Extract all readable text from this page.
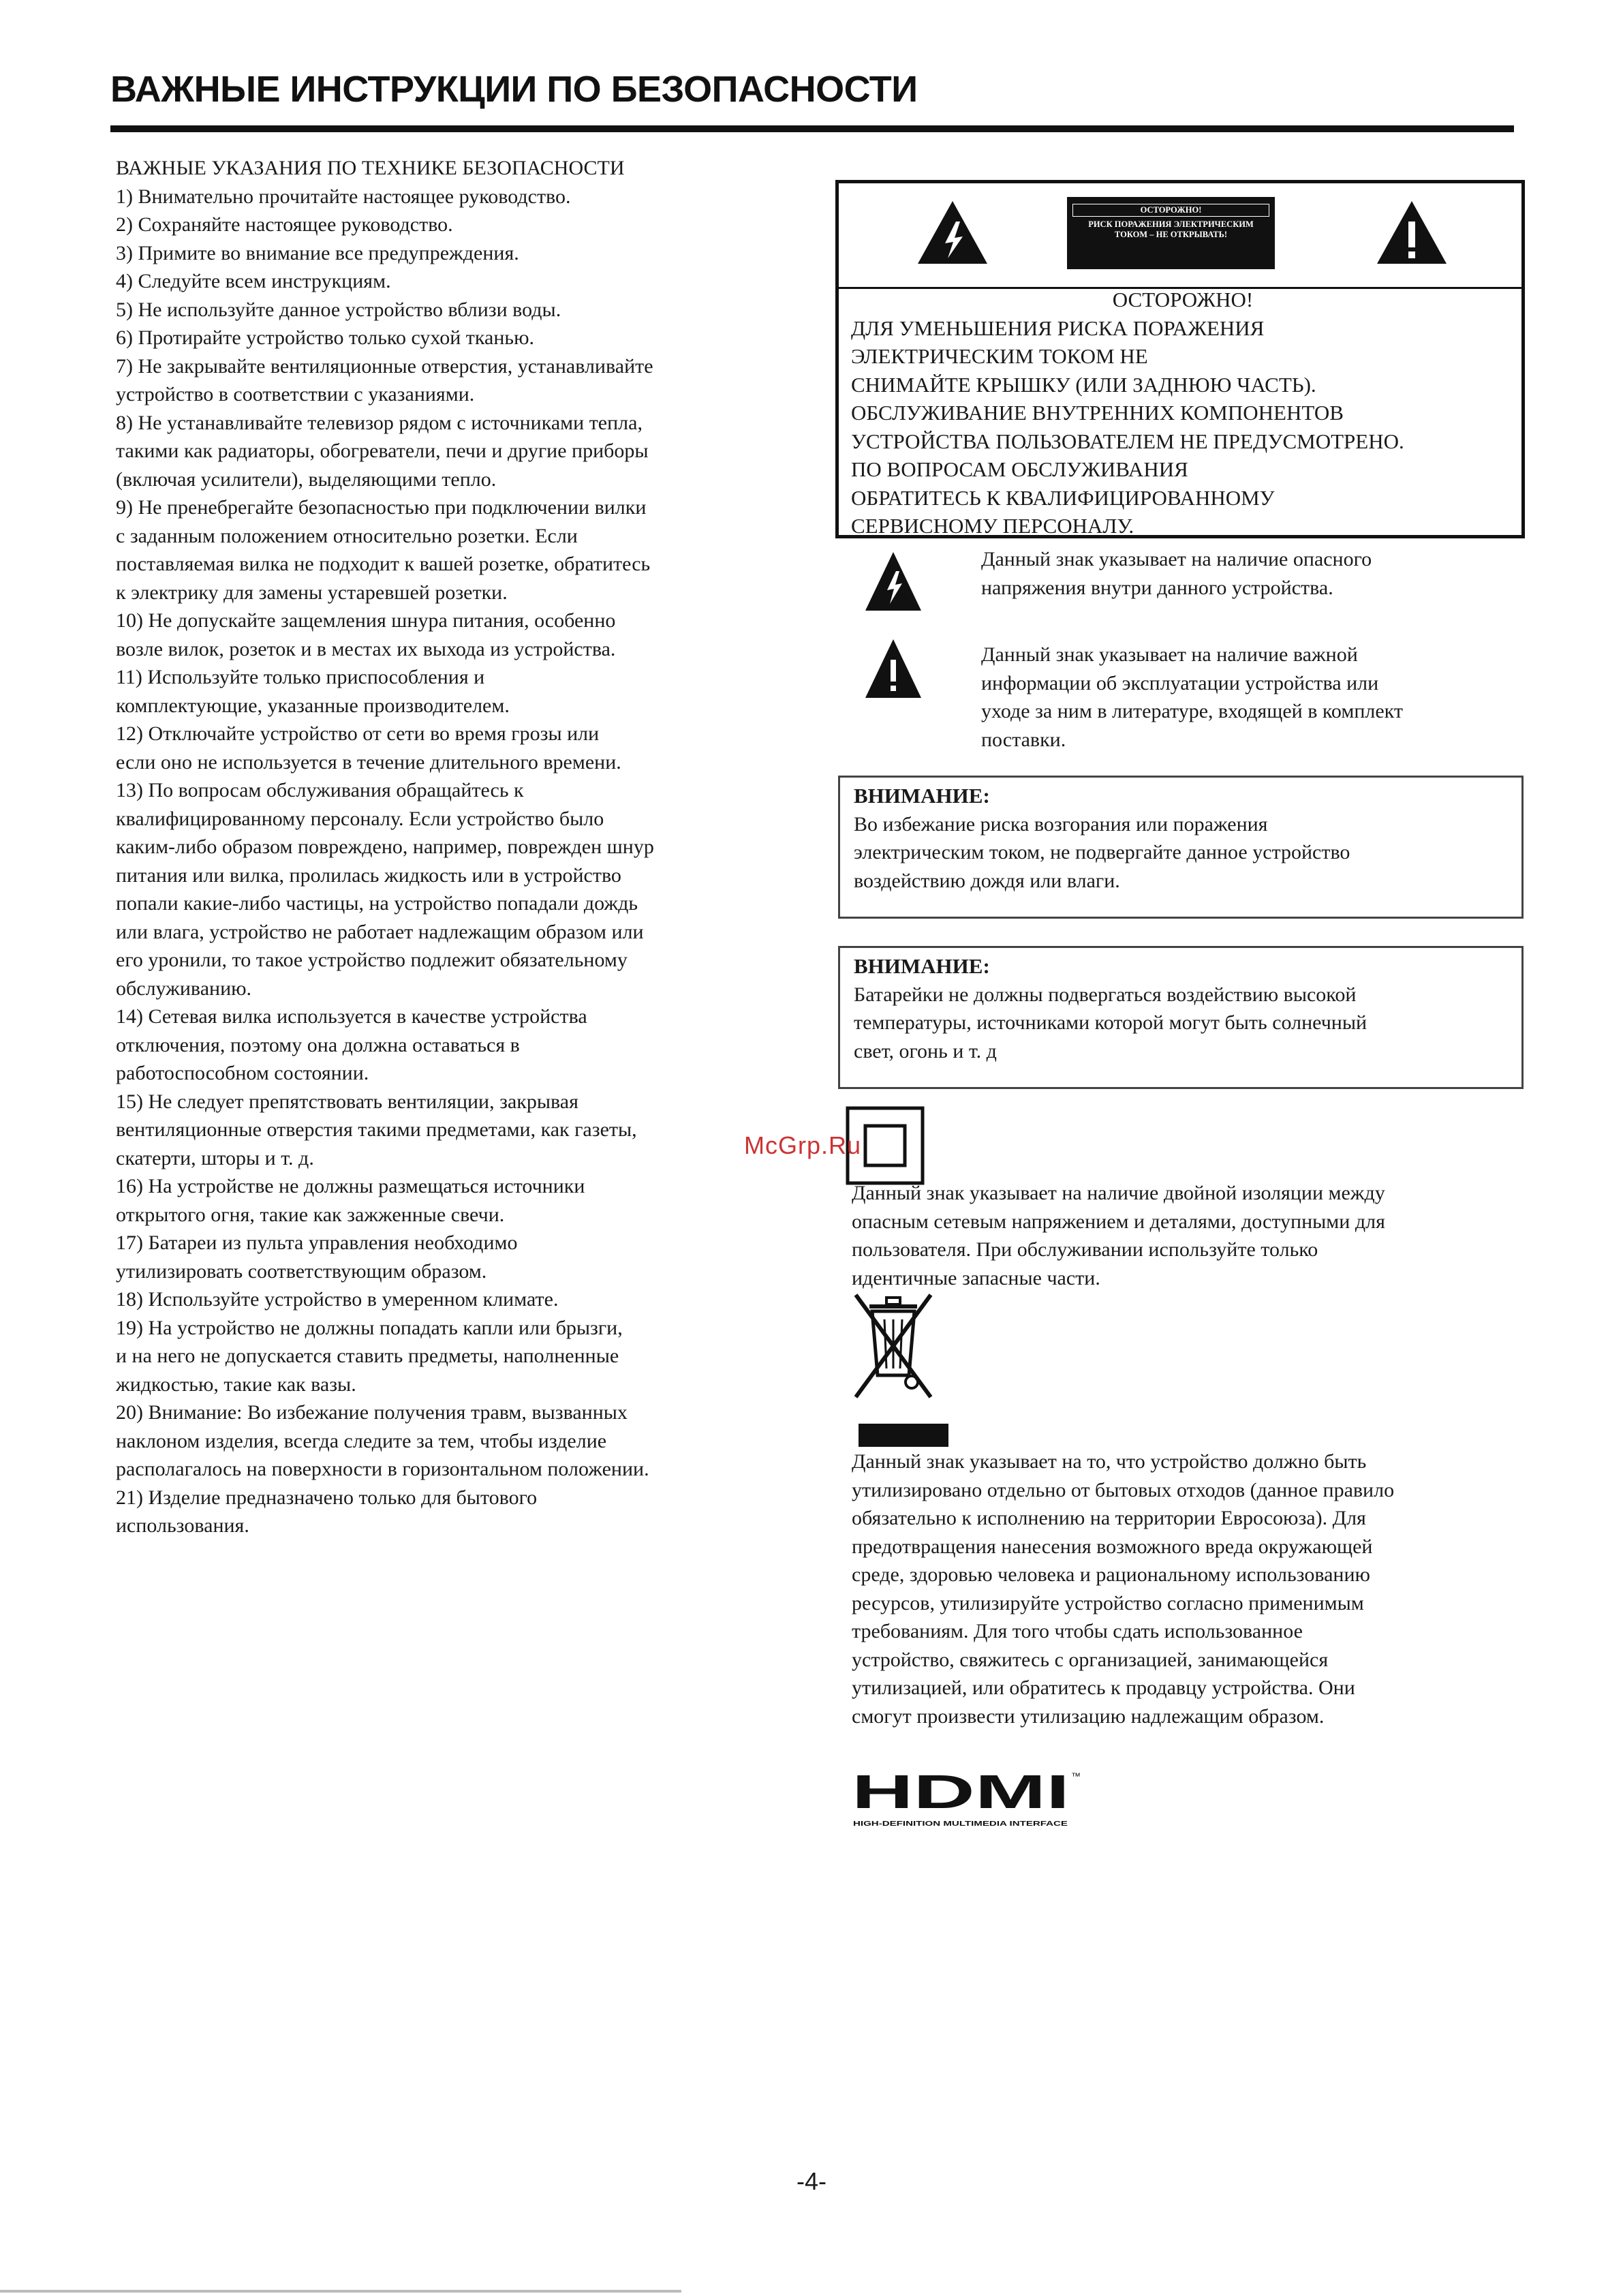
ВАЖНЫЕ ИНСТРУКЦИИ ПО БЕЗОПАСНОСТИ

ВАЖНЫЕ УКАЗАНИЯ ПО ТЕХНИКЕ БЕЗОПАСНОСТИ

1) Внимательно прочитайте настоящее руководство.

2) Сохраняйте настоящее руководство.

3) Примите во внимание все предупреждения.

4) Следуйте всем инструкциям.

5) Не используйте данное устройство вблизи воды.

6) Протирайте устройство только сухой тканью.

7) Не закрывайте вентиляционные отверстия, устанавливайте

устройство в соответствии с указаниями.

8) Не устанавливайте телевизор рядом с источниками тепла,

такими как радиаторы, обогреватели, печи и другие приборы

(включая усилители), выделяющими тепло.

9) Не пренебрегайте безопасностью при подключении вилки

с заданным положением относительно розетки. Если

поставляемая вилка не подходит к вашей розетке, обратитесь

к электрику для замены устаревшей розетки.

10) Не допускайте защемления шнура питания, особенно

возле вилок, розеток и в местах их выхода из устройства.

11) Используйте только приспособления и

комплектующие, указанные производителем.

12) Отключайте устройство от сети во время грозы или

если оно не используется в течение длительного времени.

13) По вопросам обслуживания обращайтесь к

квалифицированному персоналу. Если устройство было

каким-либо образом повреждено, например, поврежден шнур

питания или вилка, пролилась жидкость или в устройство

попали какие-либо частицы, на устройство попадали дождь

или влага, устройство не работает надлежащим образом или

его уронили, то такое устройство подлежит обязательному

обслуживанию.

14) Сетевая вилка используется в качестве устройства

отключения, поэтому она должна оставаться в

работоспособном состоянии.

15) Не следует препятствовать вентиляции, закрывая

вентиляционные отверстия такими предметами, как газеты,

скатерти, шторы и т. д.

16) На устройстве не должны размещаться источники

открытого огня, такие как зажженные свечи.

17) Батареи из пульта управления необходимо

утилизировать соответствующим образом.

18) Используйте устройство в умеренном климате.

19) На устройство не должны попадать капли или брызги,

и на него не допускается ставить предметы, наполненные

жидкостью, такие как вазы.

20) Внимание: Во избежание получения травм, вызванных

наклоном изделия, всегда следите за тем, чтобы изделие

располагалось на поверхности в горизонтальном положении.

21) Изделие предназначено только для бытового

использования.

ОСТОРОЖНО!
РИСК ПОРАЖЕНИЯ ЭЛЕКТРИЧЕСКИМ ТОКОМ – НЕ ОТКРЫВАТЬ!
ОСТОРОЖНО!
ДЛЯ УМЕНЬШЕНИЯ РИСКА ПОРАЖЕНИЯ
ЭЛЕКТРИЧЕСКИМ ТОКОМ НЕ
СНИМАЙТЕ КРЫШКУ (ИЛИ ЗАДНЮЮ ЧАСТЬ).
ОБСЛУЖИВАНИЕ ВНУТРЕННИХ КОМПОНЕНТОВ
УСТРОЙСТВА ПОЛЬЗОВАТЕЛЕМ НЕ ПРЕДУСМОТРЕНО.
ПО ВОПРОСАМ ОБСЛУЖИВАНИЯ
ОБРАТИТЕСЬ К КВАЛИФИЦИРОВАННОМУ
СЕРВИСНОМУ ПЕРСОНАЛУ.
Данный знак указывает на наличие опасного
напряжения внутри данного устройства.
Данный знак указывает на наличие важной
информации об эксплуатации устройства или
уходе за ним в литературе, входящей в комплект
поставки.
ВНИМАНИЕ:
Во избежание риска возгорания или поражения
электрическим током, не подвергайте данное устройство
воздействию дождя или влаги.
ВНИМАНИЕ:
Батарейки не должны подвергаться воздействию высокой
температуры, источниками которой могут быть солнечный
свет, огонь и т. д
McGrp.Ru
Данный знак указывает на наличие двойной изоляции между
опасным сетевым напряжением и деталями, доступными для
пользователя. При обслуживании используйте только
идентичные запасные части.
Данный знак указывает на то, что устройство должно быть
утилизировано отдельно от бытовых отходов (данное правило
обязательно к исполнению на территории Евросоюза). Для
предотвращения нанесения возможного вреда окружающей
среде, здоровью человека и рациональному использованию
ресурсов, утилизируйте устройство согласно применимым
требованиям. Для того чтобы сдать использованное
устройство, свяжитесь с организацией, занимающейся
утилизацией, или обратитесь к продавцу устройства. Они
смогут произвести утилизацию надлежащим образом.
HDMI ™
HIGH-DEFINITION MULTIMEDIA INTERFACE
-4-
